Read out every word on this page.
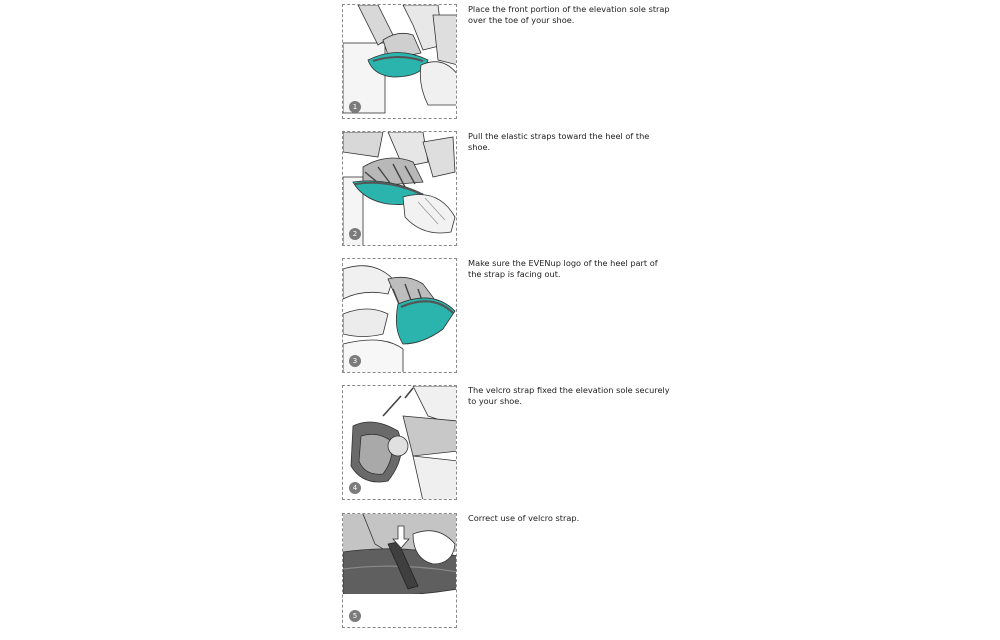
1
Place the front portion of the elevation sole strap over the toe of your shoe.
2
Pull the elastic straps toward the heel of the shoe.
3
Make sure the EVENup logo of the heel part of the strap is facing out.
4
The velcro strap fixed the elevation sole securely to your shoe.
5
Correct use of velcro strap.
